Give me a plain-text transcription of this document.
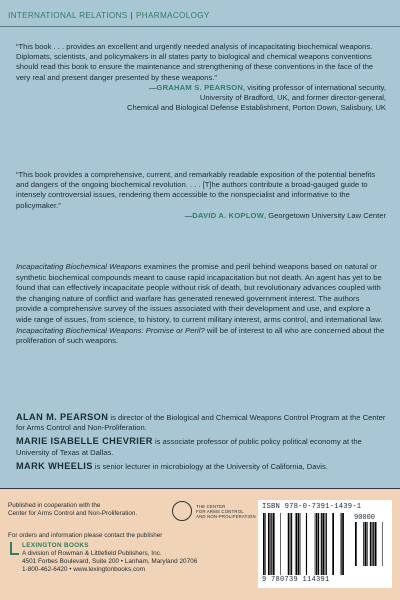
INTERNATIONAL RELATIONS | PHARMACOLOGY
“This book . . . provides an excellent and urgently needed analysis of incapacitating biochemical weapons. Diplomats, scientists, and policymakers in all states party to biological and chemical weapons conventions should read this book to ensure the maintenance and strengthening of these conventions in the face of the very real and present danger presented by these weapons.”
—GRAHAM S. PEARSON, visiting professor of international security,
University of Bradford, UK, and former director-general,
Chemical and Biological Defense Establishment, Porton Down, Salisbury, UK
“This book provides a comprehensive, current, and remarkably readable exposition of the potential benefits and dangers of the ongoing biochemical revolution. . . . [T]he authors contribute a broad-gauged guide to intensely controversial issues, rendering them accessible to the nonspecialist and informative to the policymaker.”
—DAVID A. KOPLOW, Georgetown University Law Center
Incapacitating Biochemical Weapons examines the promise and peril behind weapons based on natural or synthetic biochemical compounds meant to cause rapid incapacitation but not death. An agent has yet to be found that can effectively incapacitate people without risk of death, but revolutionary advances coupled with the changing nature of conflict and warfare has generated renewed government interest. The authors provide a comprehensive survey of the issues associated with their development and use, and explore a wide range of issues, from science, to history, to current military interest, arms control, and international law. Incapacitating Biochemical Weapons: Promise or Peril? will be of interest to all who are concerned about the proliferation of such weapons.
ALAN M. PEARSON is director of the Biological and Chemical Weapons Control Program at the Center for Arms Control and Non-Proliferation.
MARIE ISABELLE CHEVRIER is associate professor of public policy political economy at the University of Texas at Dallas.
MARK WHEELIS is senior lecturer in microbiology at the University of California, Davis.
Published in cooperation with the
Center for Arms Control and Non-Proliferation.
THE CENTER
FOR ARMS CONTROL
AND NON-PROLIFERATION
For orders and information please contact the publisher
LEXINGTON BOOKS
A division of Rowman & Littlefield Publishers, Inc.
4501 Forbes Boulevard, Suite 200 • Lanham, Maryland 20706
1-800-462-6420 • www.lexingtonbooks.com
ISBN 978-0-7391-1439-1
90000
9 780739 114391
